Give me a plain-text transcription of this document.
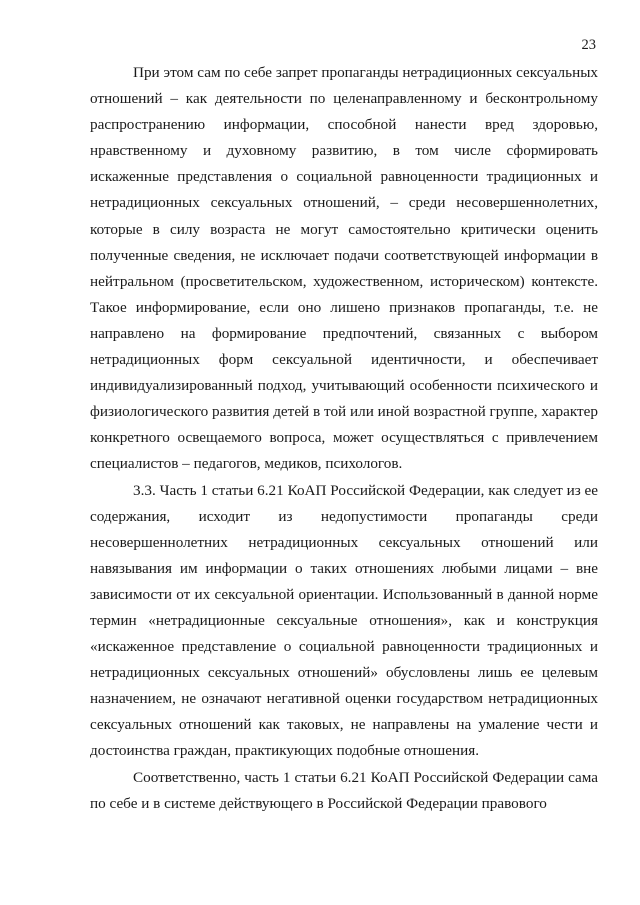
23

При этом сам по себе запрет пропаганды нетрадиционных сексуальных отношений – как деятельности по целенаправленному и бесконтрольному распространению информации, способной нанести вред здоровью, нравственному и духовному развитию, в том числе сформировать искаженные представления о социальной равноценности традиционных и нетрадиционных сексуальных отношений, – среди несовершеннолетних, которые в силу возраста не могут самостоятельно критически оценить полученные сведения, не исключает подачи соответствующей информации в нейтральном (просветительском, художественном, историческом) контексте. Такое информирование, если оно лишено признаков пропаганды, т.е. не направлено на формирование предпочтений, связанных с выбором нетрадиционных форм сексуальной идентичности, и обеспечивает индивидуализированный подход, учитывающий особенности психического и физиологического развития детей в той или иной возрастной группе, характер конкретного освещаемого вопроса, может осуществляться с привлечением специалистов – педагогов, медиков, психологов.

3.3. Часть 1 статьи 6.21 КоАП Российской Федерации, как следует из ее содержания, исходит из недопустимости пропаганды среди несовершеннолетних нетрадиционных сексуальных отношений или навязывания им информации о таких отношениях любыми лицами – вне зависимости от их сексуальной ориентации. Использованный в данной норме термин «нетрадиционные сексуальные отношения», как и конструкция «искаженное представление о социальной равноценности традиционных и нетрадиционных сексуальных отношений» обусловлены лишь ее целевым назначением, не означают негативной оценки государством нетрадиционных сексуальных отношений как таковых, не направлены на умаление чести и достоинства граждан, практикующих подобные отношения.

Соответственно, часть 1 статьи 6.21 КоАП Российской Федерации сама по себе и в системе действующего в Российской Федерации правового
